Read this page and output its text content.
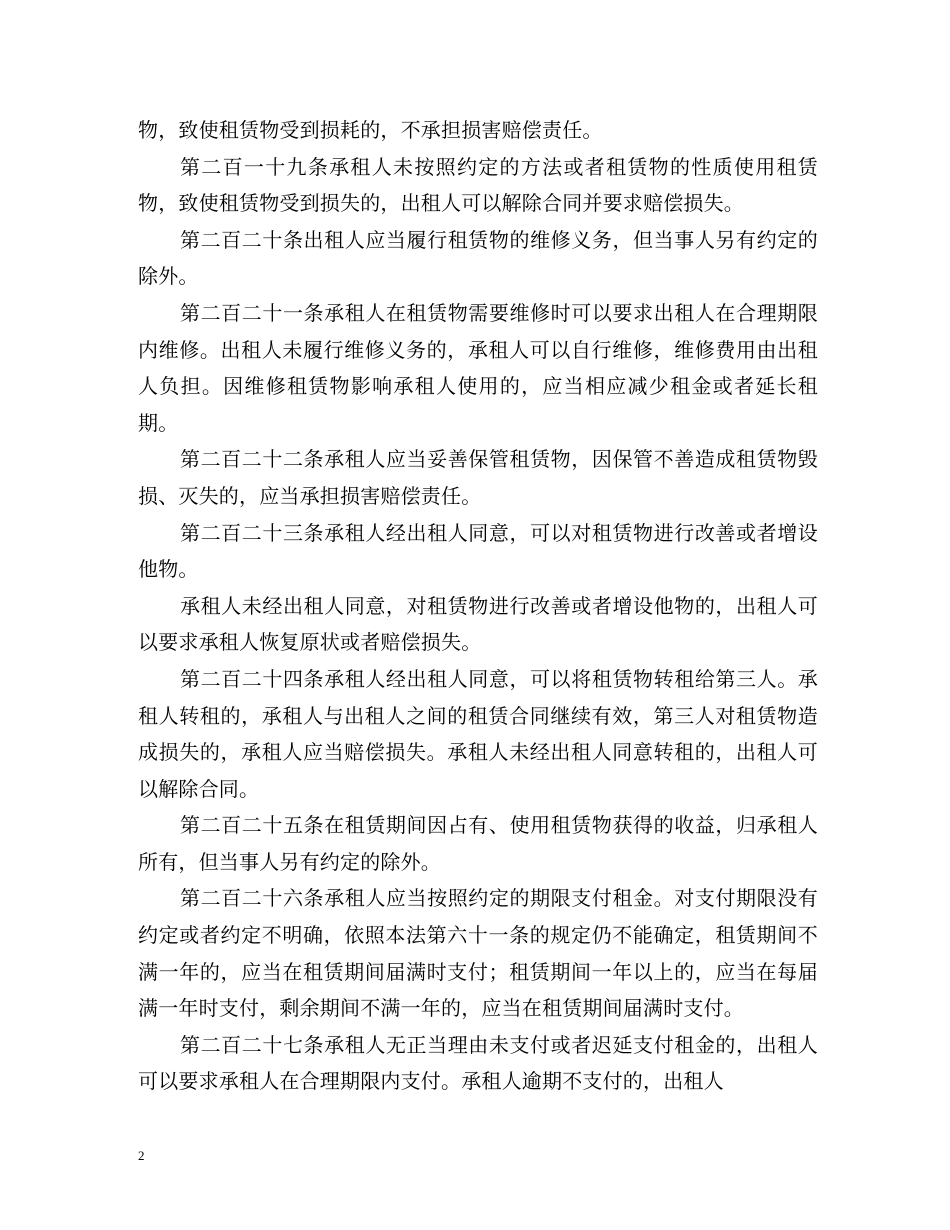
物，致使租赁物受到损耗的，不承担损害赔偿责任。

第二百一十九条承租人未按照约定的方法或者租赁物的性质使用租赁物，致使租赁物受到损失的，出租人可以解除合同并要求赔偿损失。

第二百二十条出租人应当履行租赁物的维修义务，但当事人另有约定的除外。

第二百二十一条承租人在租赁物需要维修时可以要求出租人在合理期限内维修。出租人未履行维修义务的，承租人可以自行维修，维修费用由出租人负担。因维修租赁物影响承租人使用的，应当相应减少租金或者延长租期。

第二百二十二条承租人应当妥善保管租赁物，因保管不善造成租赁物毁损、灭失的，应当承担损害赔偿责任。

第二百二十三条承租人经出租人同意，可以对租赁物进行改善或者增设他物。

承租人未经出租人同意，对租赁物进行改善或者增设他物的，出租人可以要求承租人恢复原状或者赔偿损失。

第二百二十四条承租人经出租人同意，可以将租赁物转租给第三人。承租人转租的，承租人与出租人之间的租赁合同继续有效，第三人对租赁物造成损失的，承租人应当赔偿损失。承租人未经出租人同意转租的，出租人可以解除合同。

第二百二十五条在租赁期间因占有、使用租赁物获得的收益，归承租人所有，但当事人另有约定的除外。

第二百二十六条承租人应当按照约定的期限支付租金。对支付期限没有约定或者约定不明确，依照本法第六十一条的规定仍不能确定，租赁期间不满一年的，应当在租赁期间届满时支付；租赁期间一年以上的，应当在每届满一年时支付，剩余期间不满一年的，应当在租赁期间届满时支付。

第二百二十七条承租人无正当理由未支付或者迟延支付租金的，出租人可以要求承租人在合理期限内支付。承租人逾期不支付的，出租人

2
